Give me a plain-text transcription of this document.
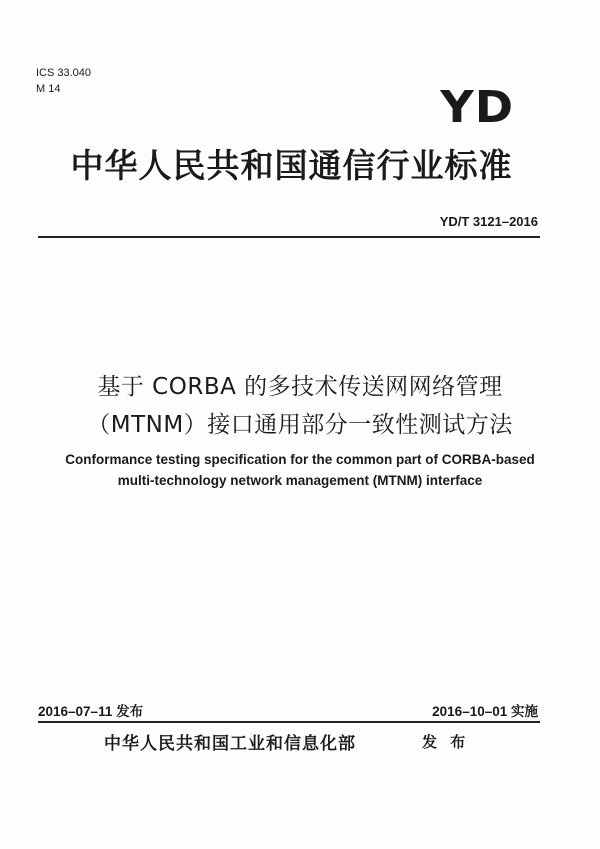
ICS 33.040
M 14	YD
中华人民共和国通信行业标准
YD/T 3121–2016
基于 CORBA 的多技术传送网网络管理
（MTNM）接口通用部分一致性测试方法
Conformance testing specification for the common part of CORBA-based
multi-technology network management (MTNM) interface
2016–07–11 发布	2016–10–01 实施
中华人民共和国工业和信息化部	发 布
